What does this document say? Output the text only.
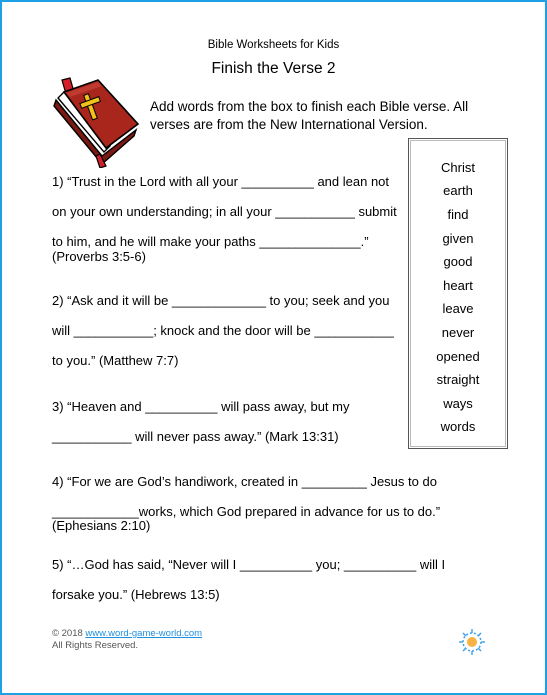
Bible Worksheets for Kids
Finish the Verse 2
Add words from the box to finish each Bible verse. All
verses are from the New International Version.
Christ
earth
find
given
good
heart
leave
never
opened
straight
ways
words
1) “Trust in the Lord with all your __________ and lean not
on your own understanding; in all your ___________ submit
to him, and he will make your paths ______________.”
(Proverbs 3:5-6)
2) “Ask and it will be _____________ to you; seek and you
will ___________; knock and the door will be ___________
to you.” (Matthew 7:7)
3) “Heaven and __________ will pass away, but my
___________ will never pass away.” (Mark 13:31)
4) “For we are God’s handiwork, created in _________ Jesus to do
____________works, which God prepared in advance for us to do.”
(Ephesians 2:10)
5) “…God has said, “Never will I __________ you; __________ will I
forsake you.” (Hebrews 13:5)
© 2018 www.word-game-world.com
All Rights Reserved.
